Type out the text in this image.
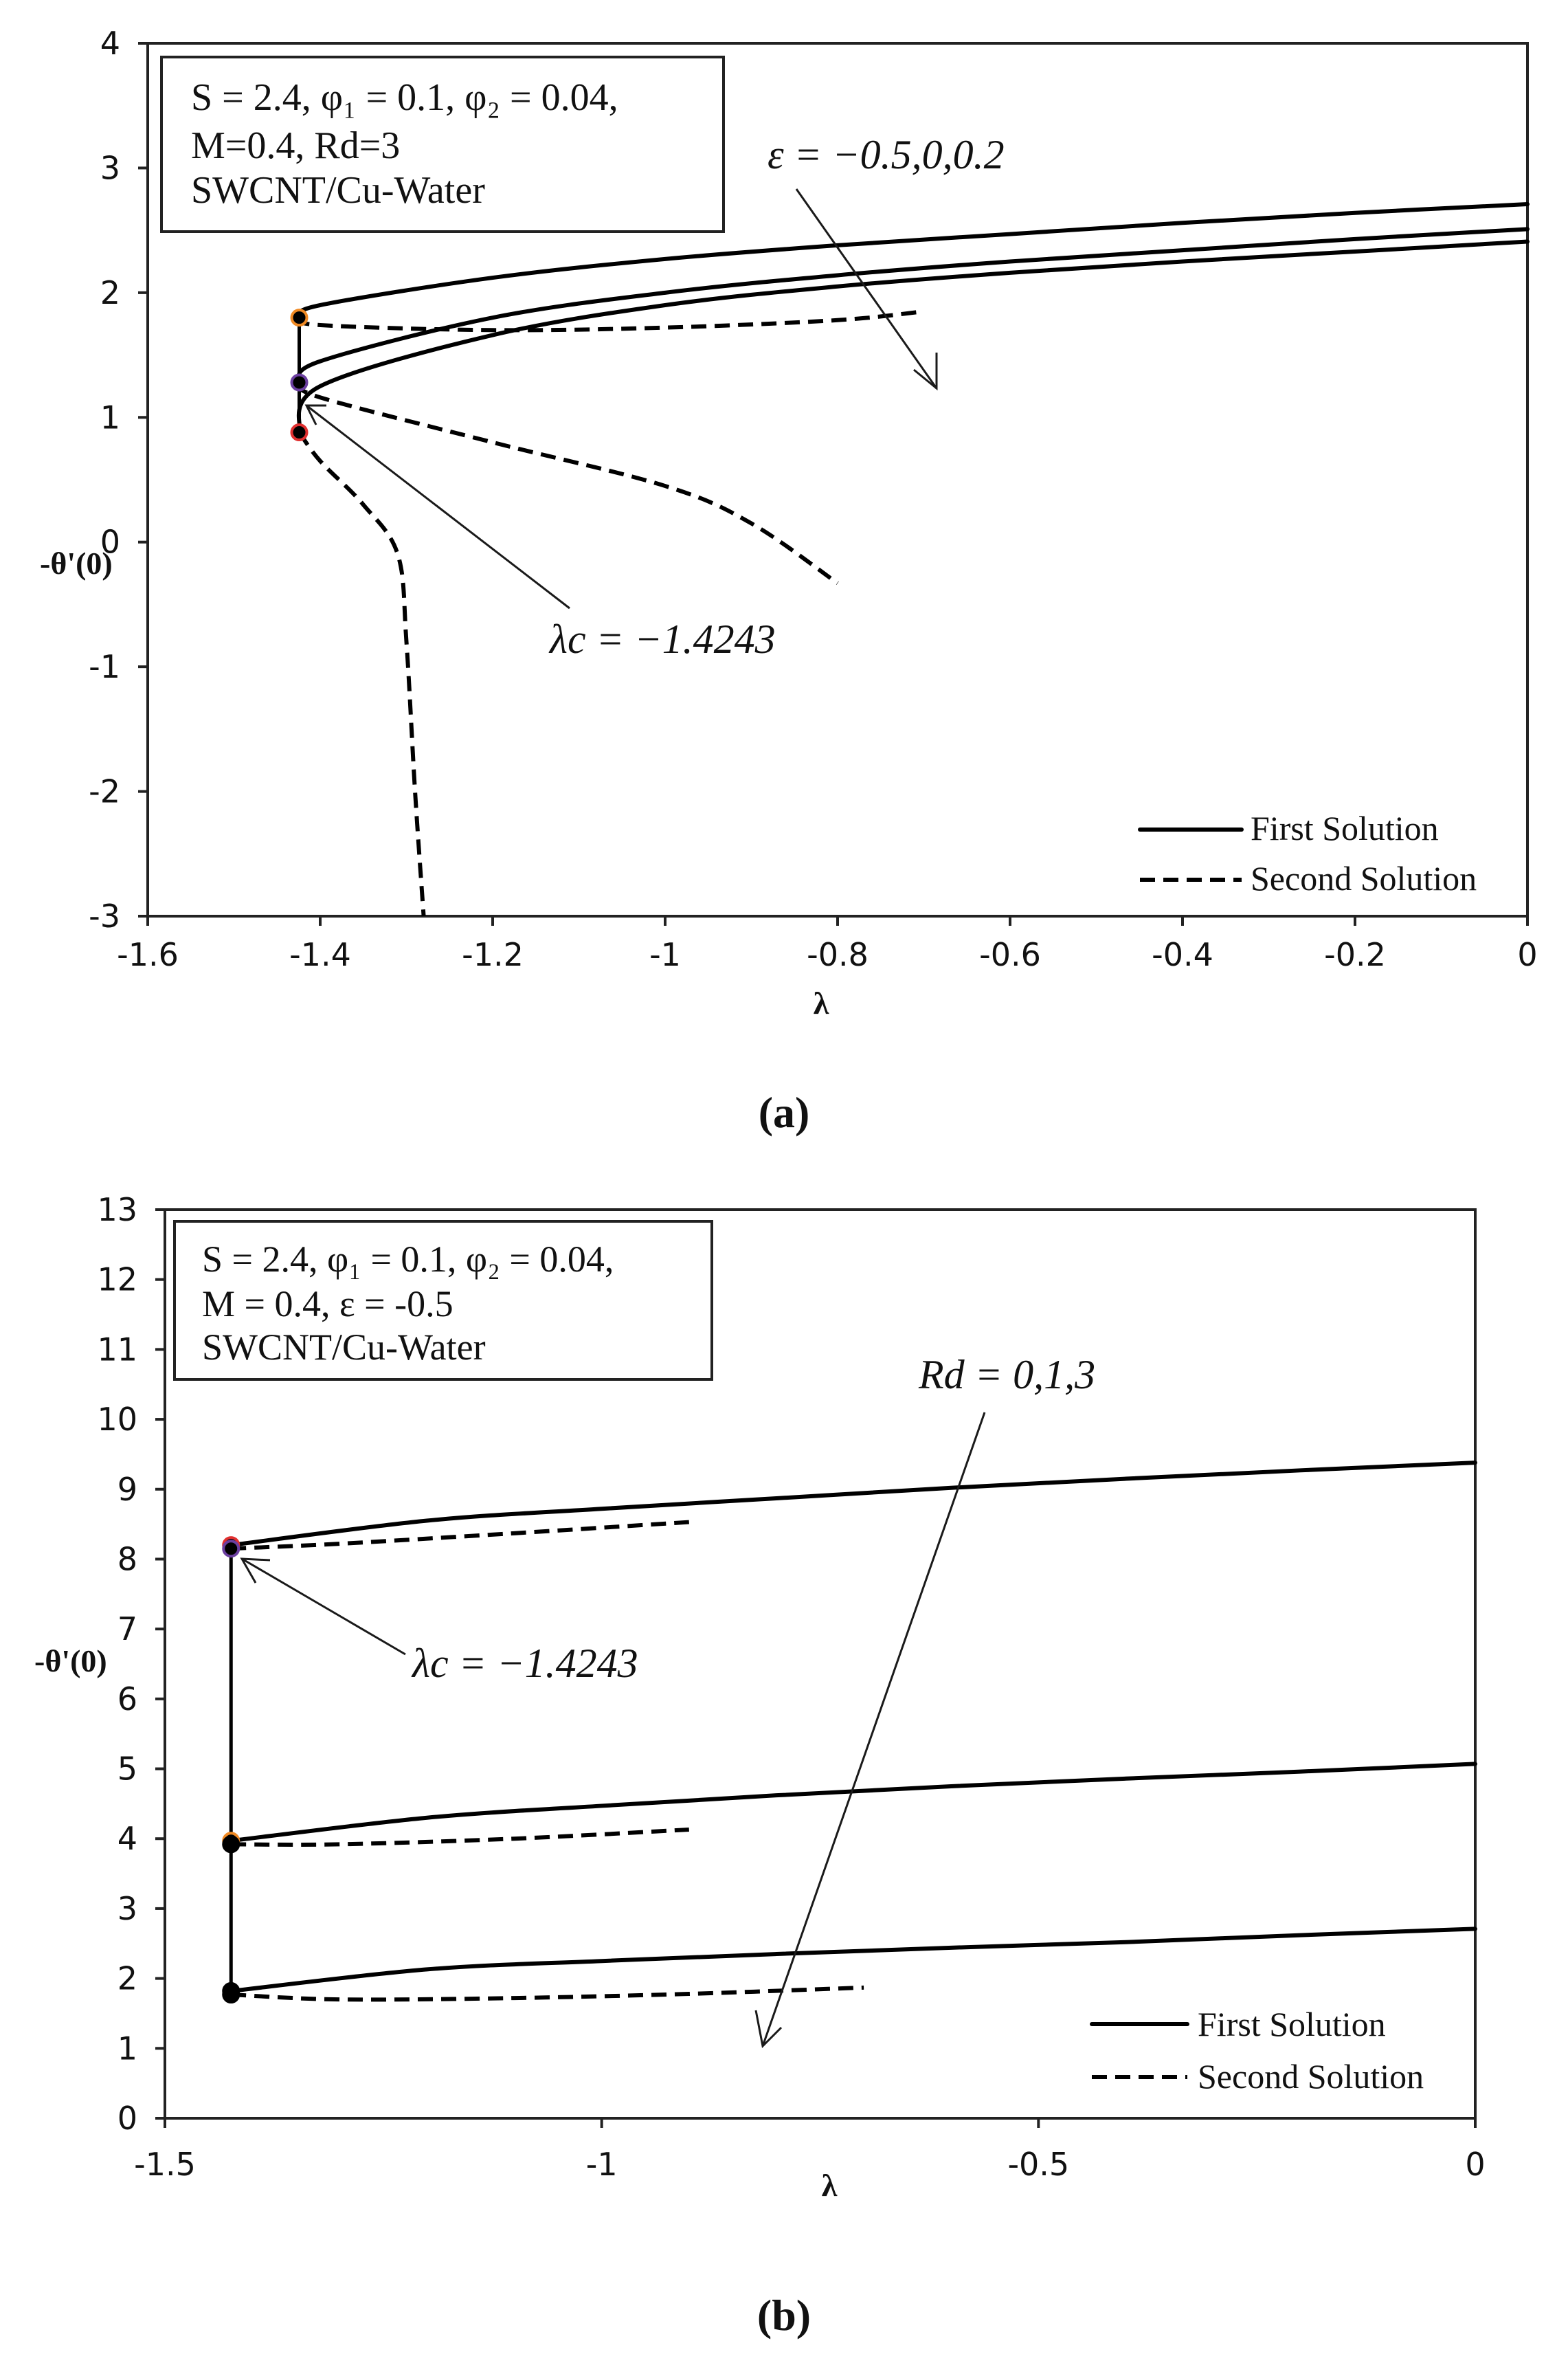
4
3
2
1
0
-1
-2
-3
-1.6	-1.4	-1.2	-1	-0.8	-0.6	-0.4	-0.2	0
-θ'(0)
λ
S = 2.4, φ₁ = 0.1, φ₂ = 0.04,
M=0.4, Rd=3
SWCNT/Cu-Water
ε = −0.5,0,0.2
λc = −1.4243
First Solution
Second Solution
(a)
13
12
11
10
9
8
7
6
5
4
3
2
1
0
-1.5	-1	-0.5	0
-θ'(0)
λ
S = 2.4, φ₁ = 0.1, φ₂ = 0.04,
M = 0.4, ε = -0.5
SWCNT/Cu-Water
Rd = 0,1,3
λc = −1.4243
First Solution
Second Solution
(b)
